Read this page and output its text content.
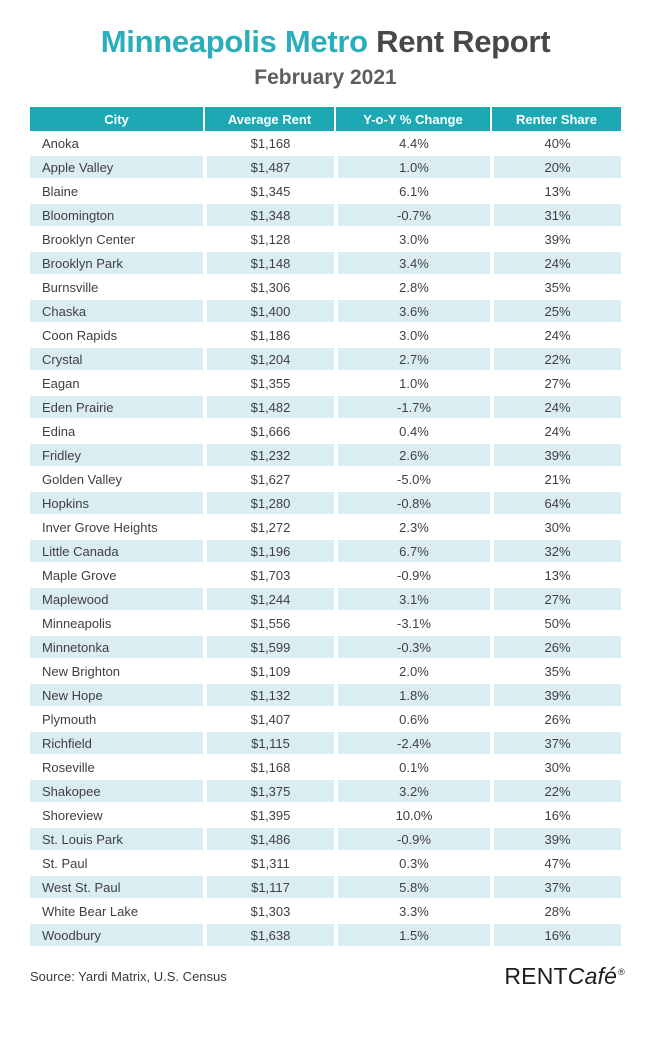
Minneapolis Metro Rent Report
February 2021
City	Average Rent	Y-o-Y % Change	Renter Share
Anoka	$1,168	4.4%	40%
Apple Valley	$1,487	1.0%	20%
Blaine	$1,345	6.1%	13%
Bloomington	$1,348	-0.7%	31%
Brooklyn Center	$1,128	3.0%	39%
Brooklyn Park	$1,148	3.4%	24%
Burnsville	$1,306	2.8%	35%
Chaska	$1,400	3.6%	25%
Coon Rapids	$1,186	3.0%	24%
Crystal	$1,204	2.7%	22%
Eagan	$1,355	1.0%	27%
Eden Prairie	$1,482	-1.7%	24%
Edina	$1,666	0.4%	24%
Fridley	$1,232	2.6%	39%
Golden Valley	$1,627	-5.0%	21%
Hopkins	$1,280	-0.8%	64%
Inver Grove Heights	$1,272	2.3%	30%
Little Canada	$1,196	6.7%	32%
Maple Grove	$1,703	-0.9%	13%
Maplewood	$1,244	3.1%	27%
Minneapolis	$1,556	-3.1%	50%
Minnetonka	$1,599	-0.3%	26%
New Brighton	$1,109	2.0%	35%
New Hope	$1,132	1.8%	39%
Plymouth	$1,407	0.6%	26%
Richfield	$1,115	-2.4%	37%
Roseville	$1,168	0.1%	30%
Shakopee	$1,375	3.2%	22%
Shoreview	$1,395	10.0%	16%
St. Louis Park	$1,486	-0.9%	39%
St. Paul	$1,311	0.3%	47%
West St. Paul	$1,117	5.8%	37%
White Bear Lake	$1,303	3.3%	28%
Woodbury	$1,638	1.5%	16%
Source: Yardi Matrix, U.S. Census	RENTCafé®
